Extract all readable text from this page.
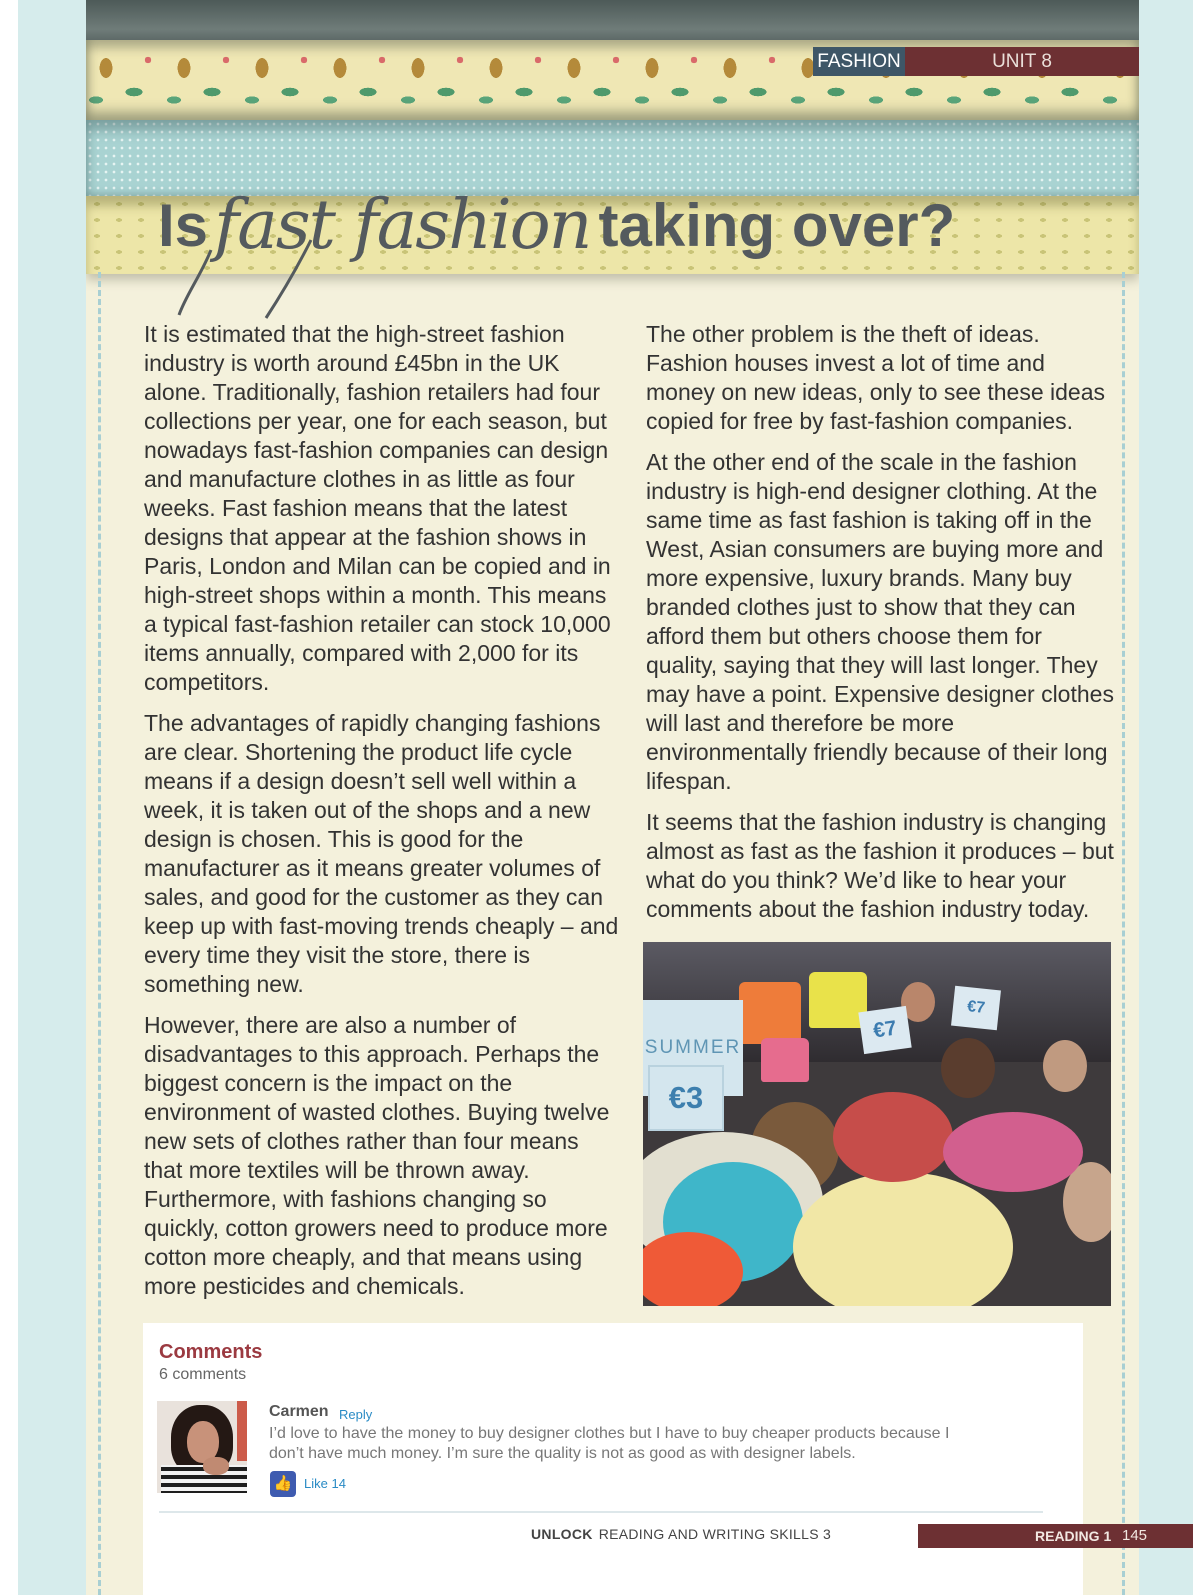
FASHION	UNIT 8
Isfast fashion taking over?

It is estimated that the high-street fashion industry is worth around £45bn in the UK alone. Traditionally, fashion retailers had four collections per year, one for each season, but nowadays fast-fashion companies can design and manufacture clothes in as little as four weeks. Fast fashion means that the latest designs that appear at the fashion shows in Paris, London and Milan can be copied and in high-street shops within a month. This means a typical fast-fashion retailer can stock 10,000 items annually, compared with 2,000 for its competitors.

The advantages of rapidly changing fashions are clear. Shortening the product life cycle means if a design doesn’t sell well within a week, it is taken out of the shops and a new design is chosen. This is good for the manufacturer as it means greater volumes of sales, and good for the customer as they can keep up with fast-moving trends cheaply – and every time they visit the store, there is something new.

However, there are also a number of disadvantages to this approach. Perhaps the biggest concern is the impact on the environment of wasted clothes. Buying twelve new sets of clothes rather than four means that more textiles will be thrown away. Furthermore, with fashions changing so quickly, cotton growers need to produce more cotton more cheaply, and that means using more pesticides and chemicals.

The other problem is the theft of ideas. Fashion houses invest a lot of time and money on new ideas, only to see these ideas copied for free by fast-fashion companies.

At the other end of the scale in the fashion industry is high-end designer clothing. At the same time as fast fashion is taking off in the West, Asian consumers are buying more and more expensive, luxury brands. Many buy branded clothes just to show that they can afford them but others choose them for quality, saying that they will last longer. They may have a point. Expensive designer clothes will last and therefore be more environmentally friendly because of their long lifespan.

It seems that the fashion industry is changing almost as fast as the fashion it produces – but what do you think? We’d like to hear your comments about the fashion industry today.

SUMMER
€3
€7
€7
Comments
6 comments
Carmen Reply
I’d love to have the money to buy designer clothes but I have to buy cheaper products because I don’t have much money. I’m sure the quality is not as good as with designer labels.
👍 Like 14
UNLOCK READING AND WRITING SKILLS 3	READING 1 145
